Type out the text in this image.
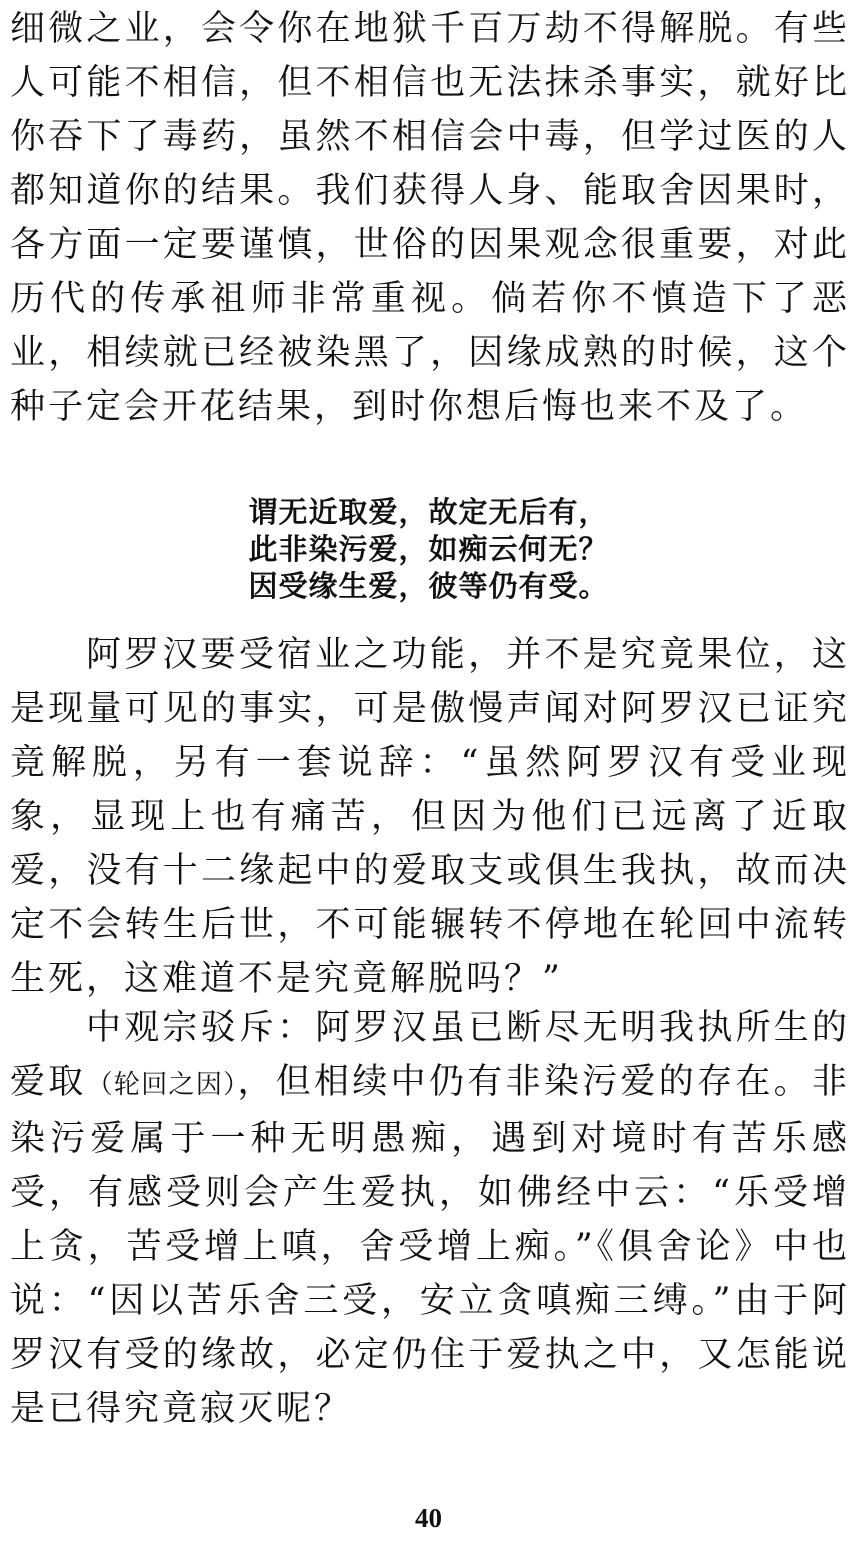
细微之业，会令你在地狱千百万劫不得解脱。有些人可能不相信，但不相信也无法抹杀事实，就好比你吞下了毒药，虽然不相信会中毒，但学过医的人都知道你的结果。我们获得人身、能取舍因果时，各方面一定要谨慎，世俗的因果观念很重要，对此历代的传承祖师非常重视。倘若你不慎造下了恶业，相续就已经被染黑了，因缘成熟的时候，这个种子定会开花结果，到时你想后悔也来不及了。

谓无近取爱，故定无后有，
此非染污爱，如痴云何无？
因受缘生爱，彼等仍有受。

阿罗汉要受宿业之功能，并不是究竟果位，这是现量可见的事实，可是傲慢声闻对阿罗汉已证究竟解脱，另有一套说辞：“虽然阿罗汉有受业现象，显现上也有痛苦，但因为他们已远离了近取爱，没有十二缘起中的爱取支或俱生我执，故而决定不会转生后世，不可能辗转不停地在轮回中流转生死，这难道不是究竟解脱吗？”

中观宗驳斥：阿罗汉虽已断尽无明我执所生的爱取（轮回之因），但相续中仍有非染污爱的存在。非染污爱属于一种无明愚痴，遇到对境时有苦乐感受，有感受则会产生爱执，如佛经中云：“乐受增上贪，苦受增上嗔，舍受增上痴。”《俱舍论》中也说：“因以苦乐舍三受，安立贪嗔痴三缚。”由于阿罗汉有受的缘故，必定仍住于爱执之中，又怎能说是已得究竟寂灭呢？

40
